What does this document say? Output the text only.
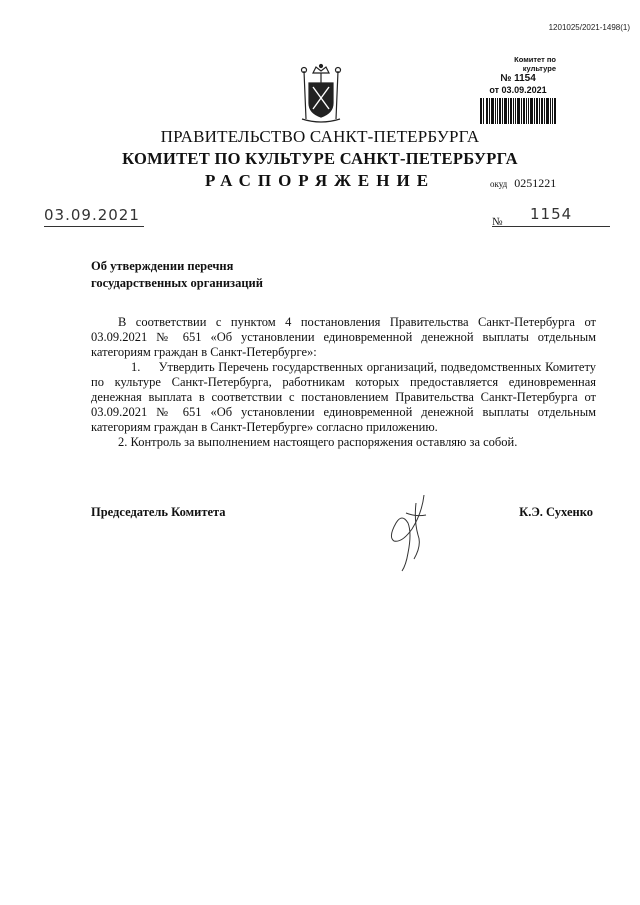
1201025/2021-1498(1)
Комитет по культуре
№ 1154
от 03.09.2021
ПРАВИТЕЛЬСТВО САНКТ-ПЕТЕРБУРГА
КОМИТЕТ ПО КУЛЬТУРЕ САНКТ-ПЕТЕРБУРГА
РАСПОРЯЖЕНИЕ	окуд 0251221
03.09.2021	№ 1154
Об утверждении перечня
государственных организаций

В соответствии с пунктом 4 постановления Правительства Санкт-Петербурга от 03.09.2021 № 651 «Об установлении единовременной денежной выплаты отдельным категориям граждан в Санкт-Петербурге»:

1.     Утвердить Перечень государственных организаций, подведомственных Комитету по культуре Санкт-Петербурга, работникам которых предоставляется единовременная денежная выплата в соответствии с постановлением Правительства Санкт-Петербурга от 03.09.2021 № 651 «Об установлении единовременной денежной выплаты отдельным категориям граждан в Санкт-Петербурге» согласно приложению.

2. Контроль за выполнением настоящего распоряжения оставляю за собой.

Председатель Комитета	К.Э. Сухенко
